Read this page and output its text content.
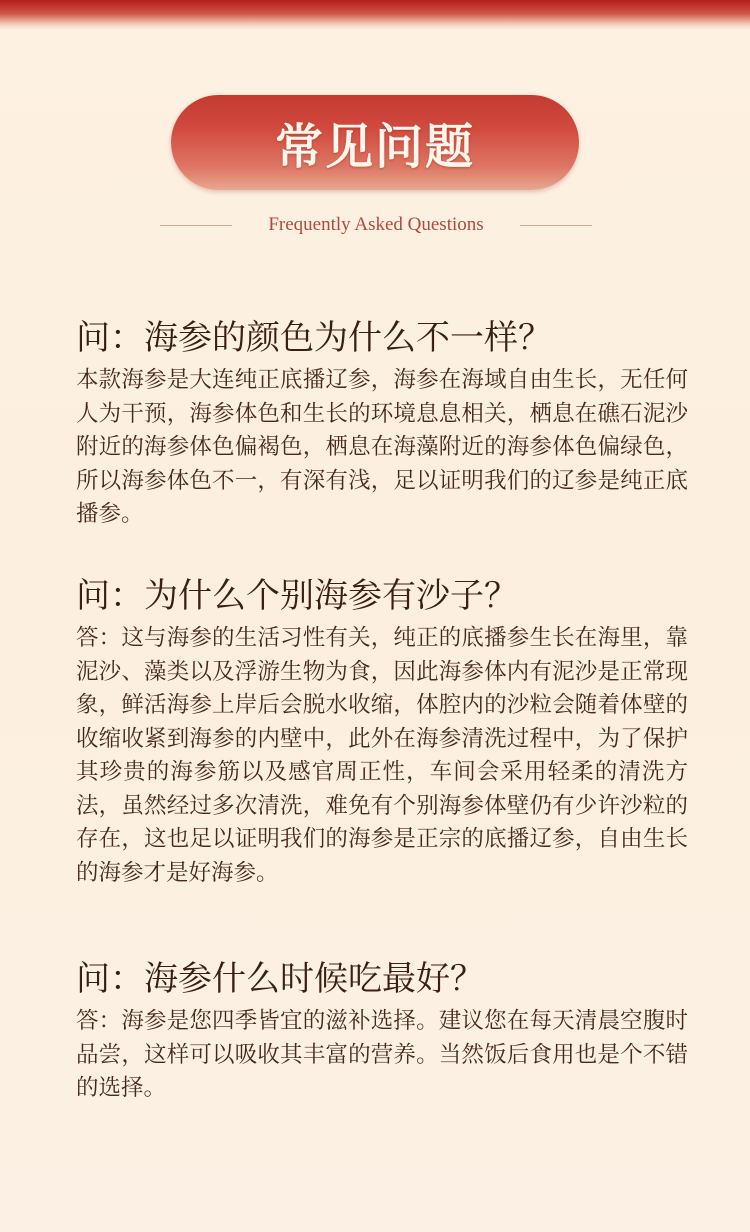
常见问题
Frequently Asked Questions

问：海参的颜色为什么不一样？

本款海参是大连纯正底播辽参，海参在海域自由生长，无任何人为干预，海参体色和生长的环境息息相关，栖息在礁石泥沙附近的海参体色偏褐色，栖息在海藻附近的海参体色偏绿色，所以海参体色不一，有深有浅，足以证明我们的辽参是纯正底播参。

问：为什么个别海参有沙子？

答：这与海参的生活习性有关，纯正的底播参生长在海里，靠泥沙、藻类以及浮游生物为食，因此海参体内有泥沙是正常现象，鲜活海参上岸后会脱水收缩，体腔内的沙粒会随着体壁的收缩收紧到海参的内壁中，此外在海参清洗过程中，为了保护其珍贵的海参筋以及感官周正性，车间会采用轻柔的清洗方法，虽然经过多次清洗，难免有个别海参体壁仍有少许沙粒的存在，这也足以证明我们的海参是正宗的底播辽参，自由生长的海参才是好海参。

问：海参什么时候吃最好？

答：海参是您四季皆宜的滋补选择。建议您在每天清晨空腹时品尝，这样可以吸收其丰富的营养。当然饭后食用也是个不错的选择。
